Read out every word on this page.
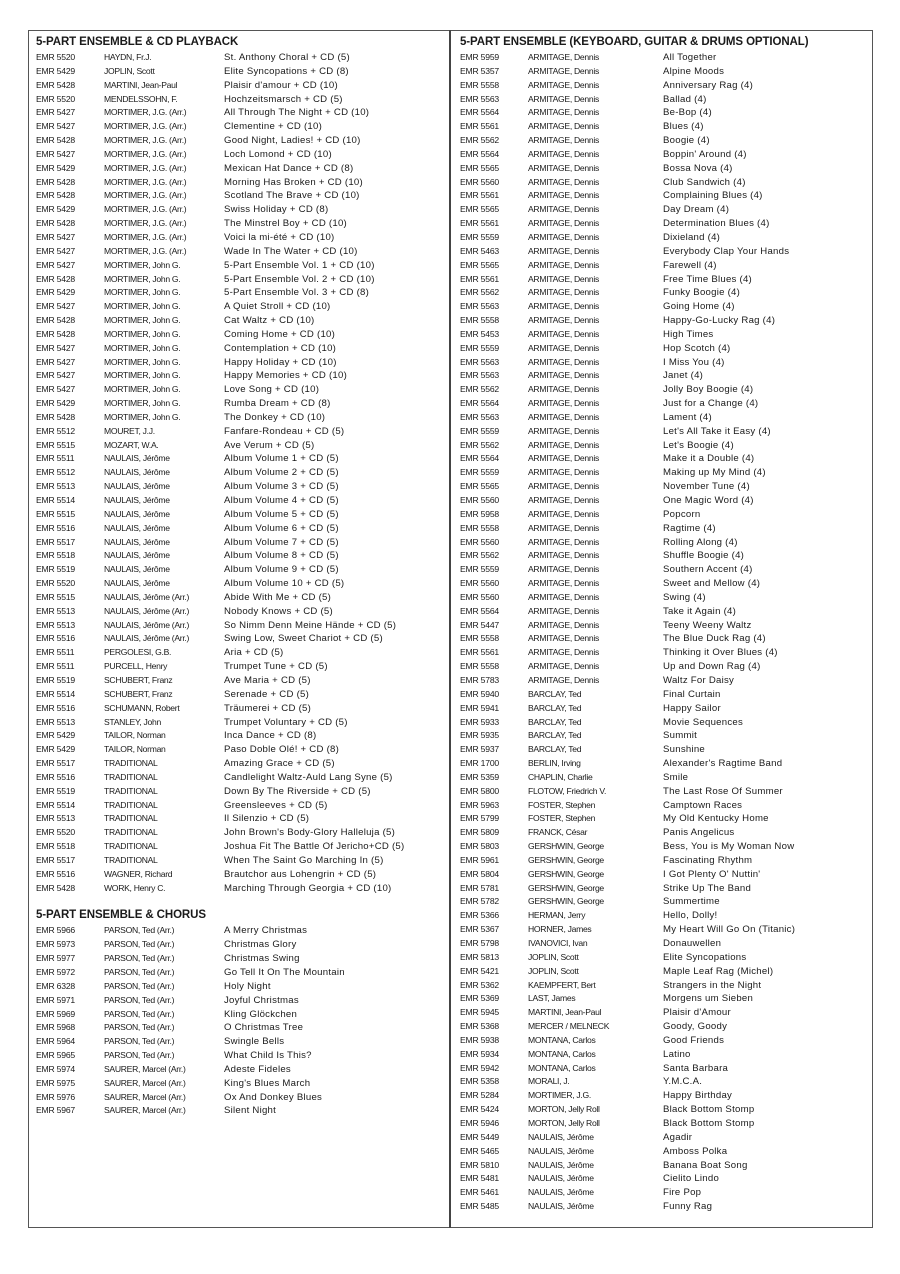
5-PART ENSEMBLE & CD PLAYBACK
EMR 5520	HAYDN, Fr.J.	St. Anthony Choral + CD (5)
EMR 5429	JOPLIN, Scott	Elite Syncopations + CD (8)
EMR 5428	MARTINI, Jean-Paul	Plaisir d'amour + CD (10)
EMR 5520	MENDELSSOHN, F.	Hochzeitsmarsch + CD (5)
EMR 5427	MORTIMER, J.G. (Arr.)	All Through The Night + CD (10)
EMR 5427	MORTIMER, J.G. (Arr.)	Clementine + CD (10)
EMR 5428	MORTIMER, J.G. (Arr.)	Good Night, Ladies! + CD (10)
EMR 5427	MORTIMER, J.G. (Arr.)	Loch Lomond + CD (10)
EMR 5429	MORTIMER, J.G. (Arr.)	Mexican Hat Dance + CD (8)
EMR 5428	MORTIMER, J.G. (Arr.)	Morning Has Broken + CD (10)
EMR 5428	MORTIMER, J.G. (Arr.)	Scotland The Brave + CD (10)
EMR 5429	MORTIMER, J.G. (Arr.)	Swiss Holiday + CD (8)
EMR 5428	MORTIMER, J.G. (Arr.)	The Minstrel Boy + CD (10)
EMR 5427	MORTIMER, J.G. (Arr.)	Voici la mi-été + CD (10)
EMR 5427	MORTIMER, J.G. (Arr.)	Wade In The Water + CD (10)
EMR 5427	MORTIMER, John G.	5-Part Ensemble Vol. 1 + CD (10)
EMR 5428	MORTIMER, John G.	5-Part Ensemble Vol. 2 + CD (10)
EMR 5429	MORTIMER, John G.	5-Part Ensemble Vol. 3 + CD (8)
EMR 5427	MORTIMER, John G.	A Quiet Stroll + CD (10)
EMR 5428	MORTIMER, John G.	Cat Waltz + CD (10)
EMR 5428	MORTIMER, John G.	Coming Home + CD (10)
EMR 5427	MORTIMER, John G.	Contemplation + CD (10)
EMR 5427	MORTIMER, John G.	Happy Holiday + CD (10)
EMR 5427	MORTIMER, John G.	Happy Memories + CD (10)
EMR 5427	MORTIMER, John G.	Love Song + CD (10)
EMR 5429	MORTIMER, John G.	Rumba Dream + CD (8)
EMR 5428	MORTIMER, John G.	The Donkey + CD (10)
EMR 5512	MOURET, J.J.	Fanfare-Rondeau + CD (5)
EMR 5515	MOZART, W.A.	Ave Verum + CD (5)
EMR 5511	NAULAIS, Jérôme	Album Volume 1 + CD (5)
EMR 5512	NAULAIS, Jérôme	Album Volume 2 + CD (5)
EMR 5513	NAULAIS, Jérôme	Album Volume 3 + CD (5)
EMR 5514	NAULAIS, Jérôme	Album Volume 4 + CD (5)
EMR 5515	NAULAIS, Jérôme	Album Volume 5 + CD (5)
EMR 5516	NAULAIS, Jérôme	Album Volume 6 + CD (5)
EMR 5517	NAULAIS, Jérôme	Album Volume 7 + CD (5)
EMR 5518	NAULAIS, Jérôme	Album Volume 8 + CD (5)
EMR 5519	NAULAIS, Jérôme	Album Volume 9 + CD (5)
EMR 5520	NAULAIS, Jérôme	Album Volume 10 + CD (5)
EMR 5515	NAULAIS, Jérôme (Arr.)	Abide With Me + CD (5)
EMR 5513	NAULAIS, Jérôme (Arr.)	Nobody Knows + CD (5)
EMR 5513	NAULAIS, Jérôme (Arr.)	So Nimm Denn Meine Hände + CD (5)
EMR 5516	NAULAIS, Jérôme (Arr.)	Swing Low, Sweet Chariot + CD (5)
EMR 5511	PERGOLESI, G.B.	Aria + CD (5)
EMR 5511	PURCELL, Henry	Trumpet Tune + CD (5)
EMR 5519	SCHUBERT, Franz	Ave Maria + CD (5)
EMR 5514	SCHUBERT, Franz	Serenade + CD (5)
EMR 5516	SCHUMANN, Robert	Träumerei + CD (5)
EMR 5513	STANLEY, John	Trumpet Voluntary + CD (5)
EMR 5429	TAILOR, Norman	Inca Dance + CD (8)
EMR 5429	TAILOR, Norman	Paso Doble Olé! + CD (8)
EMR 5517	TRADITIONAL	Amazing Grace + CD (5)
EMR 5516	TRADITIONAL	Candlelight Waltz-Auld Lang Syne (5)
EMR 5519	TRADITIONAL	Down By The Riverside + CD (5)
EMR 5514	TRADITIONAL	Greensleeves + CD (5)
EMR 5513	TRADITIONAL	Il Silenzio + CD (5)
EMR 5520	TRADITIONAL	John Brown's Body-Glory Halleluja (5)
EMR 5518	TRADITIONAL	Joshua Fit The Battle Of Jericho+CD (5)
EMR 5517	TRADITIONAL	When The Saint Go Marching In (5)
EMR 5516	WAGNER, Richard	Brautchor aus Lohengrin + CD (5)
EMR 5428	WORK, Henry C.	Marching Through Georgia + CD (10)
5-PART ENSEMBLE & CHORUS
EMR 5966	PARSON, Ted (Arr.)	A Merry Christmas
EMR 5973	PARSON, Ted (Arr.)	Christmas Glory
EMR 5977	PARSON, Ted (Arr.)	Christmas Swing
EMR 5972	PARSON, Ted (Arr.)	Go Tell It On The Mountain
EMR 6328	PARSON, Ted (Arr.)	Holy Night
EMR 5971	PARSON, Ted (Arr.)	Joyful Christmas
EMR 5969	PARSON, Ted (Arr.)	Kling Glöckchen
EMR 5968	PARSON, Ted (Arr.)	O Christmas Tree
EMR 5964	PARSON, Ted (Arr.)	Swingle Bells
EMR 5965	PARSON, Ted (Arr.)	What Child Is This?
EMR 5974	SAURER, Marcel (Arr.)	Adeste Fideles
EMR 5975	SAURER, Marcel (Arr.)	King's Blues March
EMR 5976	SAURER, Marcel (Arr.)	Ox And Donkey Blues
EMR 5967	SAURER, Marcel (Arr.)	Silent Night
5-PART ENSEMBLE (KEYBOARD, GUITAR & DRUMS OPTIONAL)
EMR 5959	ARMITAGE, Dennis	All Together
EMR 5357	ARMITAGE, Dennis	Alpine Moods
EMR 5558	ARMITAGE, Dennis	Anniversary Rag (4)
EMR 5563	ARMITAGE, Dennis	Ballad (4)
EMR 5564	ARMITAGE, Dennis	Be-Bop (4)
EMR 5561	ARMITAGE, Dennis	Blues (4)
EMR 5562	ARMITAGE, Dennis	Boogie (4)
EMR 5564	ARMITAGE, Dennis	Boppin' Around (4)
EMR 5565	ARMITAGE, Dennis	Bossa Nova (4)
EMR 5560	ARMITAGE, Dennis	Club Sandwich (4)
EMR 5561	ARMITAGE, Dennis	Complaining Blues (4)
EMR 5565	ARMITAGE, Dennis	Day Dream (4)
EMR 5561	ARMITAGE, Dennis	Determination Blues (4)
EMR 5559	ARMITAGE, Dennis	Dixieland (4)
EMR 5463	ARMITAGE, Dennis	Everybody Clap Your Hands
EMR 5565	ARMITAGE, Dennis	Farewell (4)
EMR 5561	ARMITAGE, Dennis	Free Time Blues (4)
EMR 5562	ARMITAGE, Dennis	Funky Boogie (4)
EMR 5563	ARMITAGE, Dennis	Going Home (4)
EMR 5558	ARMITAGE, Dennis	Happy-Go-Lucky Rag (4)
EMR 5453	ARMITAGE, Dennis	High Times
EMR 5559	ARMITAGE, Dennis	Hop Scotch (4)
EMR 5563	ARMITAGE, Dennis	I Miss You (4)
EMR 5563	ARMITAGE, Dennis	Janet (4)
EMR 5562	ARMITAGE, Dennis	Jolly Boy Boogie (4)
EMR 5564	ARMITAGE, Dennis	Just for a Change (4)
EMR 5563	ARMITAGE, Dennis	Lament (4)
EMR 5559	ARMITAGE, Dennis	Let's All Take it Easy (4)
EMR 5562	ARMITAGE, Dennis	Let's Boogie (4)
EMR 5564	ARMITAGE, Dennis	Make it a Double (4)
EMR 5559	ARMITAGE, Dennis	Making up My Mind (4)
EMR 5565	ARMITAGE, Dennis	November Tune (4)
EMR 5560	ARMITAGE, Dennis	One Magic Word (4)
EMR 5958	ARMITAGE, Dennis	Popcorn
EMR 5558	ARMITAGE, Dennis	Ragtime (4)
EMR 5560	ARMITAGE, Dennis	Rolling Along (4)
EMR 5562	ARMITAGE, Dennis	Shuffle Boogie (4)
EMR 5559	ARMITAGE, Dennis	Southern Accent (4)
EMR 5560	ARMITAGE, Dennis	Sweet and Mellow (4)
EMR 5560	ARMITAGE, Dennis	Swing (4)
EMR 5564	ARMITAGE, Dennis	Take it Again (4)
EMR 5447	ARMITAGE, Dennis	Teeny Weeny Waltz
EMR 5558	ARMITAGE, Dennis	The Blue Duck Rag (4)
EMR 5561	ARMITAGE, Dennis	Thinking it Over Blues (4)
EMR 5558	ARMITAGE, Dennis	Up and Down Rag (4)
EMR 5783	ARMITAGE, Dennis	Waltz For Daisy
EMR 5940	BARCLAY, Ted	Final Curtain
EMR 5941	BARCLAY, Ted	Happy Sailor
EMR 5933	BARCLAY, Ted	Movie Sequences
EMR 5935	BARCLAY, Ted	Summit
EMR 5937	BARCLAY, Ted	Sunshine
EMR 1700	BERLIN, Irving	Alexander's Ragtime Band
EMR 5359	CHAPLIN, Charlie	Smile
EMR 5800	FLOTOW, Friedrich V.	The Last Rose Of Summer
EMR 5963	FOSTER, Stephen	Camptown Races
EMR 5799	FOSTER, Stephen	My Old Kentucky Home
EMR 5809	FRANCK, César	Panis Angelicus
EMR 5803	GERSHWIN, George	Bess, You is My Woman Now
EMR 5961	GERSHWIN, George	Fascinating Rhythm
EMR 5804	GERSHWIN, George	I Got Plenty O' Nuttin'
EMR 5781	GERSHWIN, George	Strike Up The Band
EMR 5782	GERSHWIN, George	Summertime
EMR 5366	HERMAN, Jerry	Hello, Dolly!
EMR 5367	HORNER, James	My Heart Will Go On (Titanic)
EMR 5798	IVANOVICI, Ivan	Donauwellen
EMR 5813	JOPLIN, Scott	Elite Syncopations
EMR 5421	JOPLIN, Scott	Maple Leaf Rag (Michel)
EMR 5362	KAEMPFERT, Bert	Strangers in the Night
EMR 5369	LAST, James	Morgens um Sieben
EMR 5945	MARTINI, Jean-Paul	Plaisir d'Amour
EMR 5368	MERCER / MELNECK	Goody, Goody
EMR 5938	MONTANA, Carlos	Good Friends
EMR 5934	MONTANA, Carlos	Latino
EMR 5942	MONTANA, Carlos	Santa Barbara
EMR 5358	MORALI, J.	Y.M.C.A.
EMR 5284	MORTIMER, J.G.	Happy Birthday
EMR 5424	MORTON, Jelly Roll	Black Bottom Stomp
EMR 5946	MORTON, Jelly Roll	Black Bottom Stomp
EMR 5449	NAULAIS, Jérôme	Agadir
EMR 5465	NAULAIS, Jérôme	Amboss Polka
EMR 5810	NAULAIS, Jérôme	Banana Boat Song
EMR 5481	NAULAIS, Jérôme	Cielito Lindo
EMR 5461	NAULAIS, Jérôme	Fire Pop
EMR 5485	NAULAIS, Jérôme	Funny Rag
